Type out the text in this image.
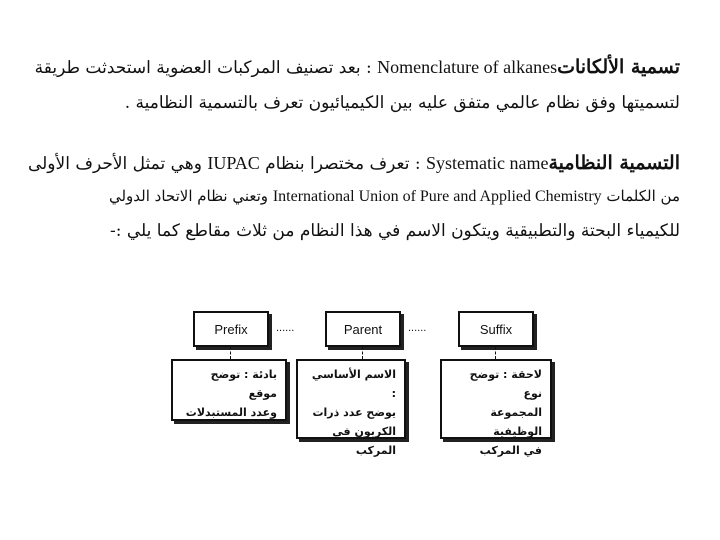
تسمية الألكاناتNomenclature of alkanes : بعد تصنيف المركبات العضوية استحدثت طريقة
لتسميتها وفق نظام عالمي متفق عليه بين الكيميائيون تعرف بالتسمية النظامية .
التسمية النظاميةSystematic name : تعرف مختصرا بنظام IUPAC وهي تمثل الأحرف الأولى
من الكلمات International Union of Pure and Applied Chemistry وتعني نظام الاتحاد الدولي
للكيمياء البحتة والتطبيقية ويتكون الاسم في هذا النظام من ثلاث مقاطع كما يلي :-
Prefix	......	Parent ......	Suffix
بادئة : توضح موقع
وعدد المستبدلات
الاسم الأساسي :
يوضح عدد ذرات
الكربون في المركب
لاحقة : توضح نوع
المجموعة الوظيفية
في المركب
